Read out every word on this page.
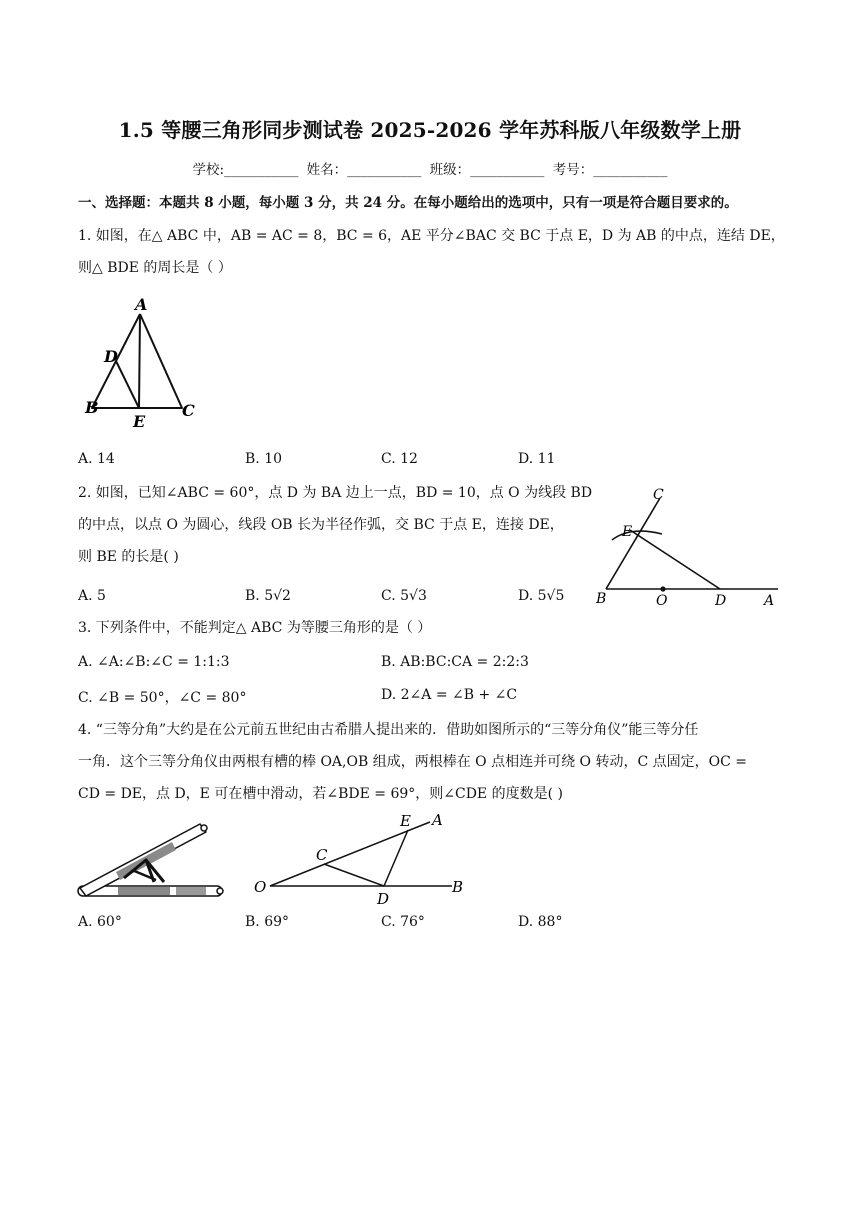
1.5 等腰三角形同步测试卷 2025-2026 学年苏科版八年级数学上册
学校:___________ 姓名：___________ 班级：___________ 考号：___________
一、选择题：本题共 8 小题，每小题 3 分，共 24 分。在每小题给出的选项中，只有一项是符合题目要求的。
1. 如图，在△ ABC 中，AB = AC = 8，BC = 6，AE 平分∠BAC 交 BC 于点 E，D 为 AB 的中点，连结 DE，
则△ BDE 的周长是（ ）
A
D
B
E
C
A. 14	B. 10	C. 12	D. 11
2. 如图，已知∠ABC = 60°，点 D 为 BA 边上一点，BD = 10，点 O 为线段 BD
的中点，以点 O 为圆心，线段 OB 长为半径作弧，交 BC 于点 E，连接 DE，
则 BE 的长是( )
C
E
B	O	D	A
A. 5	B. 5√2	C. 5√3	D. 5√5
3. 下列条件中，不能判定△ ABC 为等腰三角形的是（ ）
A. ∠A:∠B:∠C = 1:1:3	B. AB:BC:CA = 2:2:3
C. ∠B = 50°，∠C = 80°	D. 2∠A = ∠B + ∠C
4. “三等分角”大约是在公元前五世纪由古希腊人提出来的．借助如图所示的“三等分角仪”能三等分任
一角．这个三等分角仪由两根有槽的棒 OA,OB 组成，两根棒在 O 点相连并可绕 O 转动，C 点固定，OC =
CD = DE，点 D，E 可在槽中滑动，若∠BDE = 69°，则∠CDE 的度数是( )
E A
C
O
D
B
A. 60°	B. 69°	C. 76°	D. 88°
